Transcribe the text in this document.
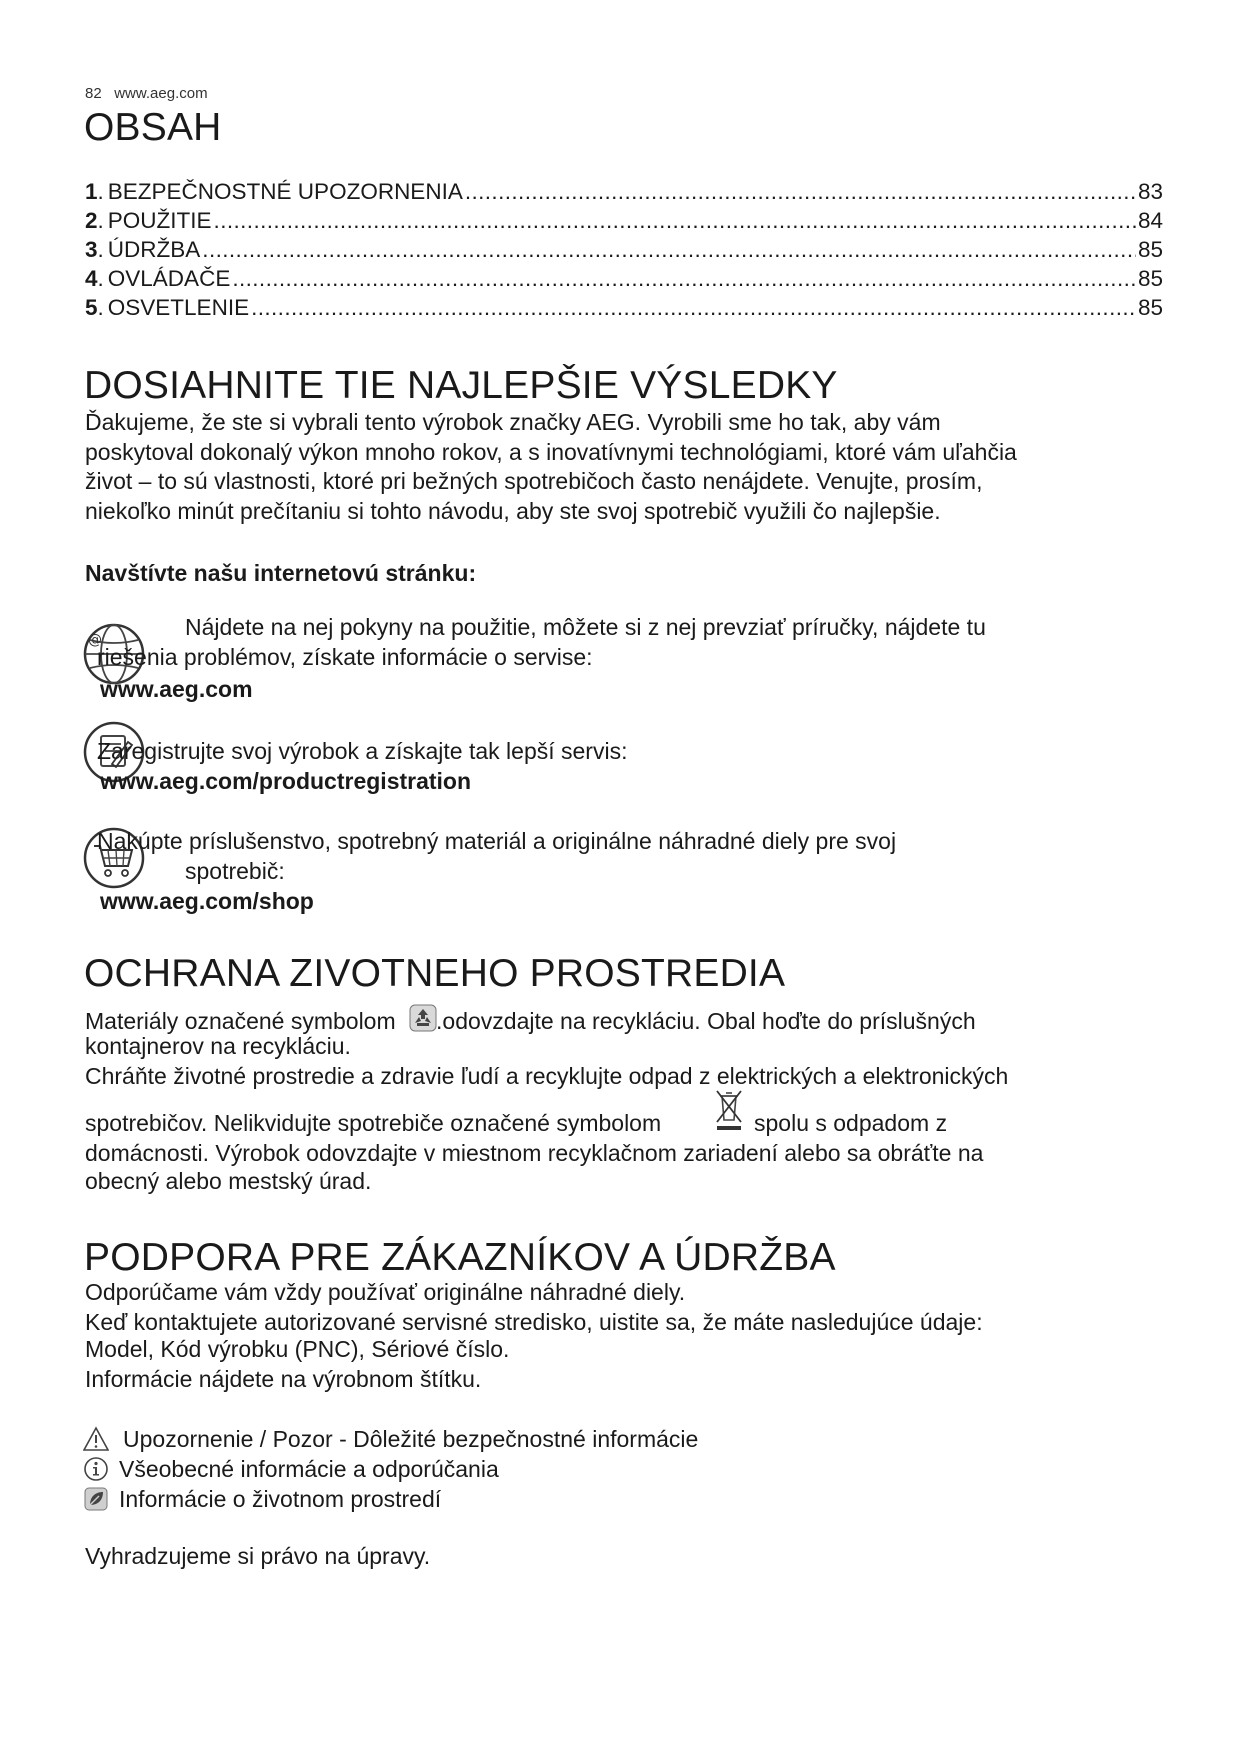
82 www.aeg.com
OBSAH
1 . BEZPEČNOSTNÉ UPOZORNENIA .....	83
2 . POUŽITIE .....	84
3 . ÚDRŽBA .....	85
4 . OVLÁDAČE .....	85
5 . OSVETLENIE .....	85
DOSIAHNITE TIE NAJLEPŠIE VÝSLEDKY
Ďakujeme, že ste si vybrali tento výrobok značky AEG. Vyrobili sme ho tak, aby vám
poskytoval dokonalý výkon mnoho rokov, a s inovatívnymi technológiami, ktoré vám uľahčia
život – to sú vlastnosti, ktoré pri bežných spotrebičoch často nenájdete. Venujte, prosím,
niekoľko minút prečítaniu si tohto návodu, aby ste svoj spotrebič využili čo najlepšie.
Navštívte našu internetovú stránku:
@	Nájdete na nej pokyny na použitie, môžete si z nej prevziať príručky, nájdete tu
riešenia problémov, získate informácie o servise:
www.aeg.com
Zaregistrujte svoj výrobok a získajte tak lepší servis:
www.aeg.com/productregistration
Nakúpte príslušenstvo, spotrebný materiál a originálne náhradné diely pre svoj
spotrebič:
www.aeg.com/shop
OCHRANA ZIVOTNEHO PROSTREDIA
Materiály označené symbolom .odovzdajte na recykláciu. Obal hoďte do príslušných
kontajnerov na recykláciu.
Chráňte životné prostredie a zdravie ľudí a recyklujte odpad z elektrických a elektronických
spotrebičov. Nelikvidujte spotrebiče označené symbolom	spolu s odpadom z
domácnosti. Výrobok odovzdajte v miestnom recyklačnom zariadení alebo sa obráťte na
obecný alebo mestský úrad.
PODPORA PRE ZÁKAZNÍKOV A ÚDRŽBA
Odporúčame vám vždy používať originálne náhradné diely.
Keď kontaktujete autorizované servisné stredisko, uistite sa, že máte nasledujúce údaje:
Model, Kód výrobku (PNC), Sériové číslo.
Informácie nájdete na výrobnom štítku.
Upozornenie / Pozor - Dôležité bezpečnostné informácie
Všeobecné informácie a odporúčania
Informácie o životnom prostredí
Vyhradzujeme si právo na úpravy.
